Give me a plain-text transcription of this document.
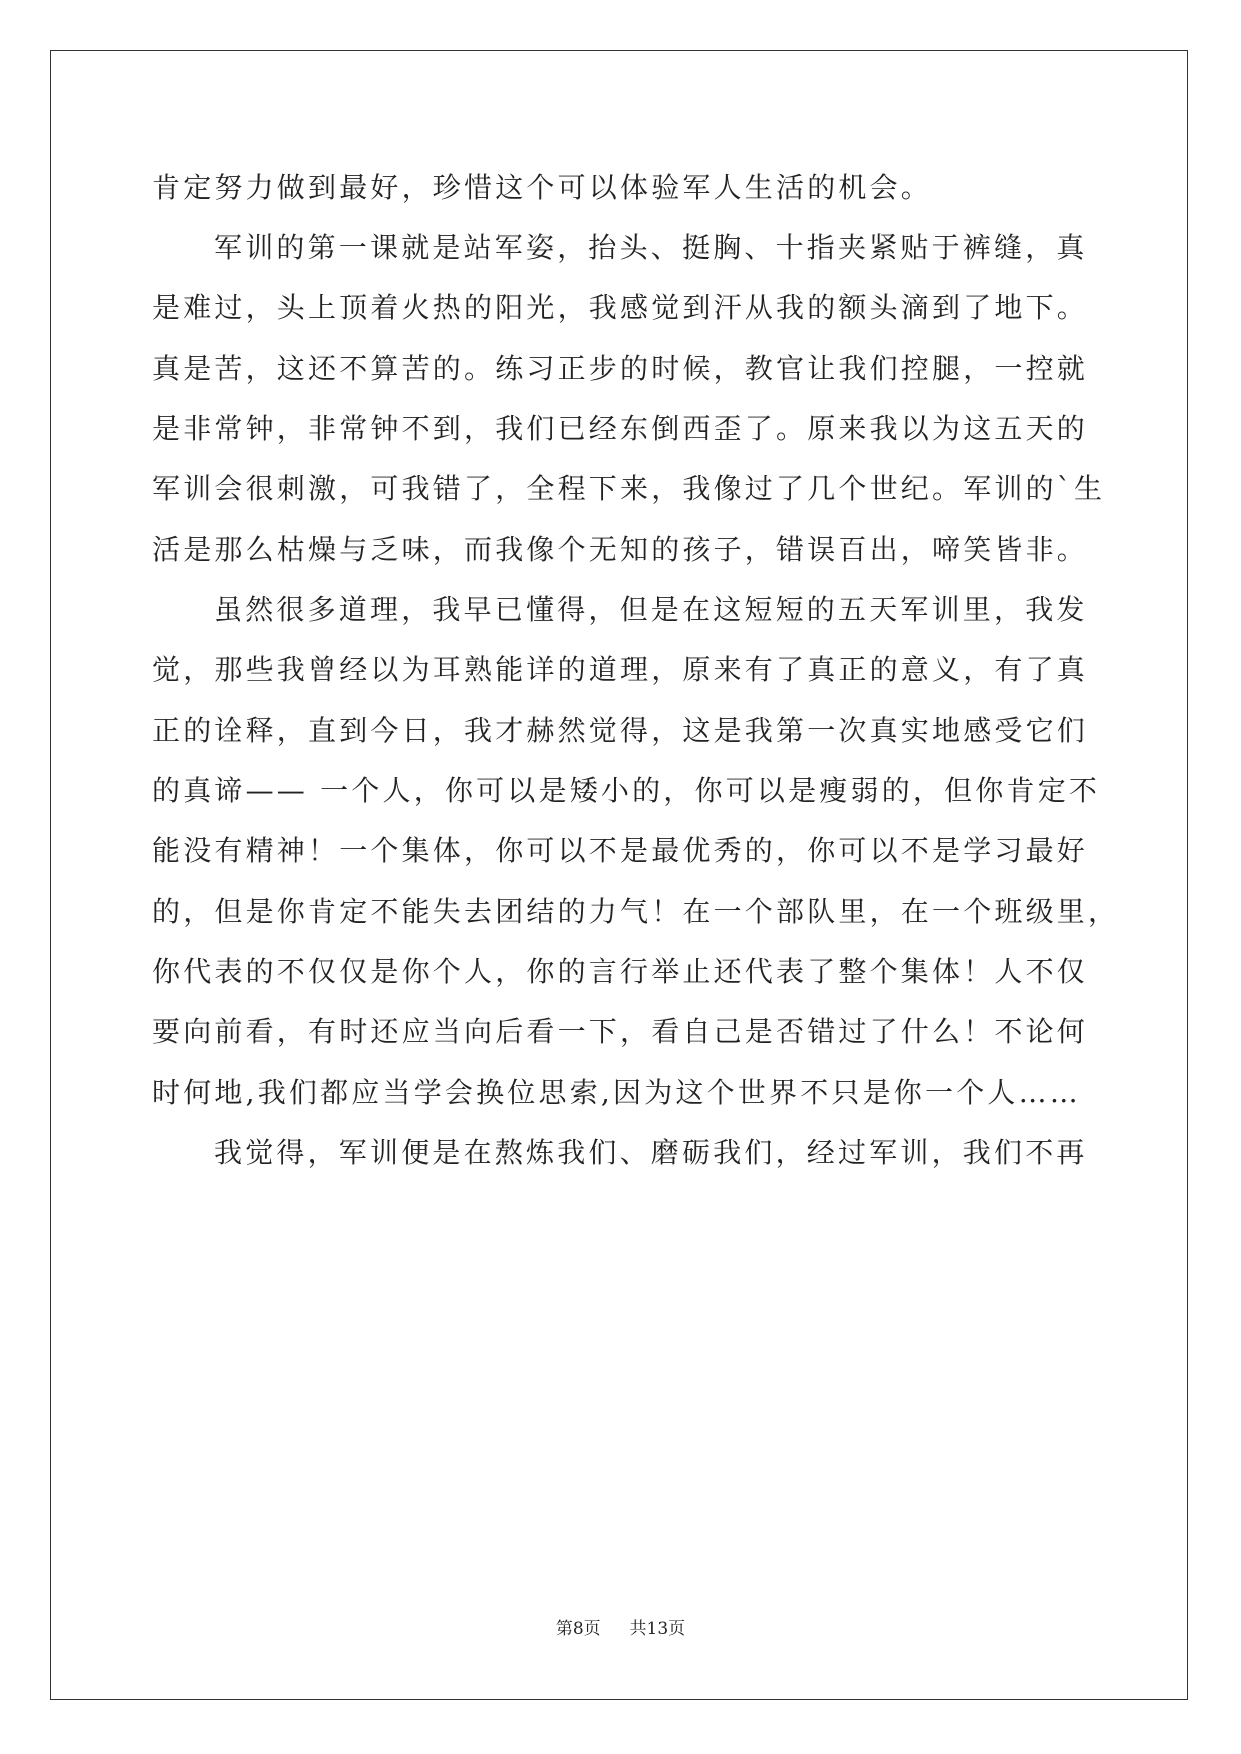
肯定努力做到最好，珍惜这个可以体验军人生活的机会。
军训的第一课就是站军姿，抬头、挺胸、十指夹紧贴于裤缝，真
是难过，头上顶着火热的阳光，我感觉到汗从我的额头滴到了地下。
真是苦，这还不算苦的。练习正步的时候，教官让我们控腿，一控就
是非常钟，非常钟不到，我们已经东倒西歪了。原来我以为这五天的
军训会很刺激，可我错了，全程下来，我像过了几个世纪。军训的`生
活是那么枯燥与乏味，而我像个无知的孩子，错误百出，啼笑皆非。
虽然很多道理，我早已懂得，但是在这短短的五天军训里，我发
觉，那些我曾经以为耳熟能详的道理，原来有了真正的意义，有了真
正的诠释，直到今日，我才赫然觉得，这是我第一次真实地感受它们
的真谛—— 一个人，你可以是矮小的，你可以是瘦弱的，但你肯定不
能没有精神！一个集体，你可以不是最优秀的，你可以不是学习最好
的，但是你肯定不能失去团结的力气！在一个部队里，在一个班级里，
你代表的不仅仅是你个人，你的言行举止还代表了整个集体！人不仅
要向前看，有时还应当向后看一下，看自己是否错过了什么！不论何
时何地,我们都应当学会换位思索,因为这个世界不只是你一个人……
我觉得，军训便是在熬炼我们、磨砺我们，经过军训，我们不再
第8页 共13页
